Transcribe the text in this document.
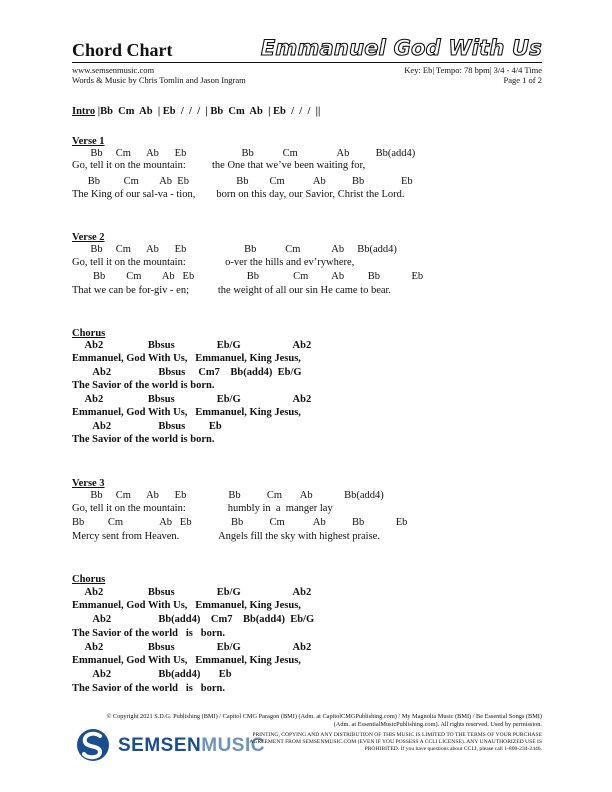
Chord Chart	Emmanuel God With Us
www.semsenmusic.com
Words & Music by Chris Tomlin and Jason Ingram
Key: Eb| Tempo: 78 bpm| 3/4 - 4/4 Time
Page 1 of 2
Intro |Bb  Cm  Ab  | Eb  /  /  /  | Bb  Cm  Ab  | Eb  /  /  /  ||
Verse 1
Bb     Cm      Ab      Eb                     Bb           Cm               Ab          Bb(add4)
Go, tell it on the mountain:          the One that we’ve been waiting for,
Bb         Cm        Ab  Eb                  Bb        Cm           Ab          Bb              Eb
The King of our sal-va - tion,        born on this day, our Savior, Christ the Lord.
Verse 2
Bb     Cm      Ab      Eb                      Bb           Cm            Ab     Bb(add4)
Go, tell it on the mountain:               o-ver the hills and ev’rywhere,
Bb        Cm        Ab   Eb                    Bb             Cm         Ab         Bb            Eb
That we can be for-giv - en;           the weight of all our sin He came to bear.
Chorus
Ab2                 Bbsus                Eb/G                    Ab2
Emmanuel, God With Us,   Emmanuel, King Jesus,
Ab2                  Bbsus     Cm7    Bb(add4)  Eb/G
The Savior of the world is born.
Ab2                 Bbsus                Eb/G                    Ab2
Emmanuel, God With Us,   Emmanuel, King Jesus,
Ab2                  Bbsus         Eb
The Savior of the world is born.
Verse 3
Bb     Cm      Ab      Eb                Bb          Cm       Ab            Bb(add4)
Go, tell it on the mountain:                humbly in  a  manger lay
Bb         Cm              Ab   Eb               Bb          Cm           Ab          Bb            Eb
Mercy sent from Heaven.               Angels fill the sky with highest praise.
Chorus
Ab2                 Bbsus                Eb/G                    Ab2
Emmanuel, God With Us,   Emmanuel, King Jesus,
Ab2                  Bb(add4)    Cm7    Bb(add4)  Eb/G
The Savior of the world   is   born.
Ab2                 Bbsus                Eb/G                    Ab2
Emmanuel, God With Us,   Emmanuel, King Jesus,
Ab2                  Bb(add4)       Eb
The Savior of the world   is   born.
SEMSENMUSIC
© Copyright 2021 S.D.G. Publishing (BMI) / Capitol CMG Paragon (BMI) (Adm. at CapitolCMGPublishing.com) / My Magnolia Music (BMI) / Be Essential Songs (BMI) (Adm. at EssentialMusicPublishing.com). All rights reserved. Used by permission.
PRINTING, COPYING AND ANY DISTRIBUTION OF THIS MUSIC IS LIMITED TO THE TERMS OF YOUR PURCHASE AGREEMENT FROM SEMSENMUSIC.COM (EVEN IF YOU POSSESS A CCLI LICENSE). ANY UNAUTHORIZED USE IS PROHIBITED. If you have questions about CCLI, please call 1-800-234-2446.
